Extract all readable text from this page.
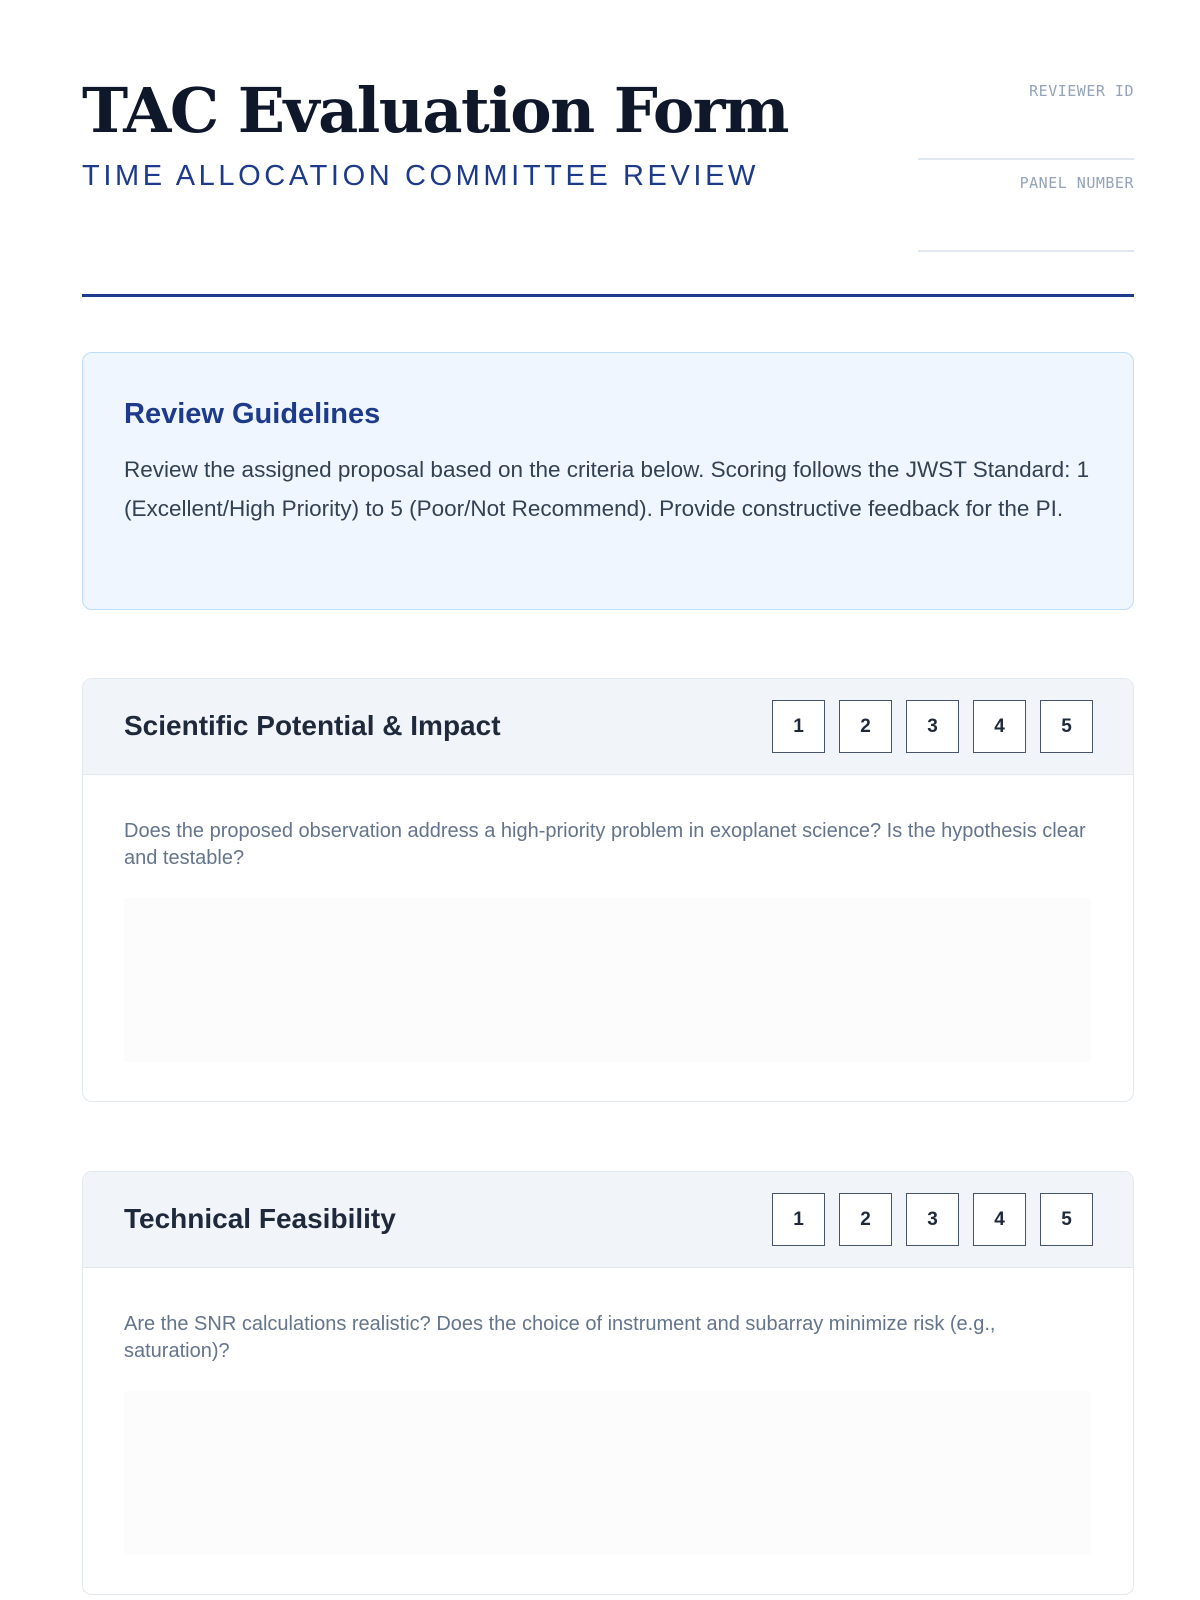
TAC Evaluation Form
TIME ALLOCATION COMMITTEE REVIEW
REVIEWER ID
PANEL NUMBER
Review Guidelines

Review the assigned proposal based on the criteria below. Scoring follows the JWST Standard: 1 (Excellent/High Priority) to 5 (Poor/Not Recommend). Provide constructive feedback for the PI.

Scientific Potential & Impact	1	2	3	4	5

Does the proposed observation address a high-priority problem in exoplanet science? Is the hypothesis clear and testable?

Technical Feasibility	1	2	3	4	5

Are the SNR calculations realistic? Does the choice of instrument and subarray minimize risk (e.g., saturation)?
